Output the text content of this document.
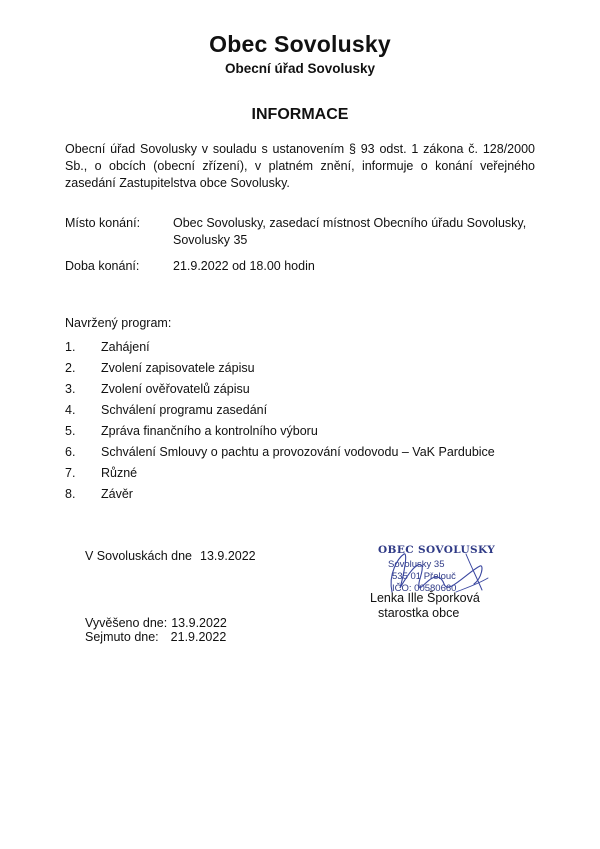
Obec Sovolusky
Obecní úřad Sovolusky
INFORMACE
Obecní úřad Sovolusky v souladu s ustanovením § 93 odst. 1 zákona č. 128/2000 Sb., o obcích (obecní zřízení), v platném znění, informuje o konání veřejného zasedání Zastupitelstva obce Sovolusky.
Místo konání:	Obec Sovolusky, zasedací místnost Obecního úřadu Sovolusky, Sovolusky 35
Doba konání:	21.9.2022 od 18.00 hodin
Navržený program:
1. Zahájení
2. Zvolení zapisovatele zápisu
3. Zvolení ověřovatelů zápisu
4. Schválení programu zasedání
5. Zpráva finančního a kontrolního výboru
6. Schválení Smlouvy o pachtu a provozování vodovodu – VaK Pardubice
7. Různé
8. Závěr
V Sovoluskách dne 13.9.2022	OBEC SOVOLUSKY
Sovolusky 35
535 01 Přelouč
IČO: 00580660
Lenka Ille Šporková
starostka obce
Vyvěšeno dne: 13.9.2022
Sejmuto dne: 21.9.2022
